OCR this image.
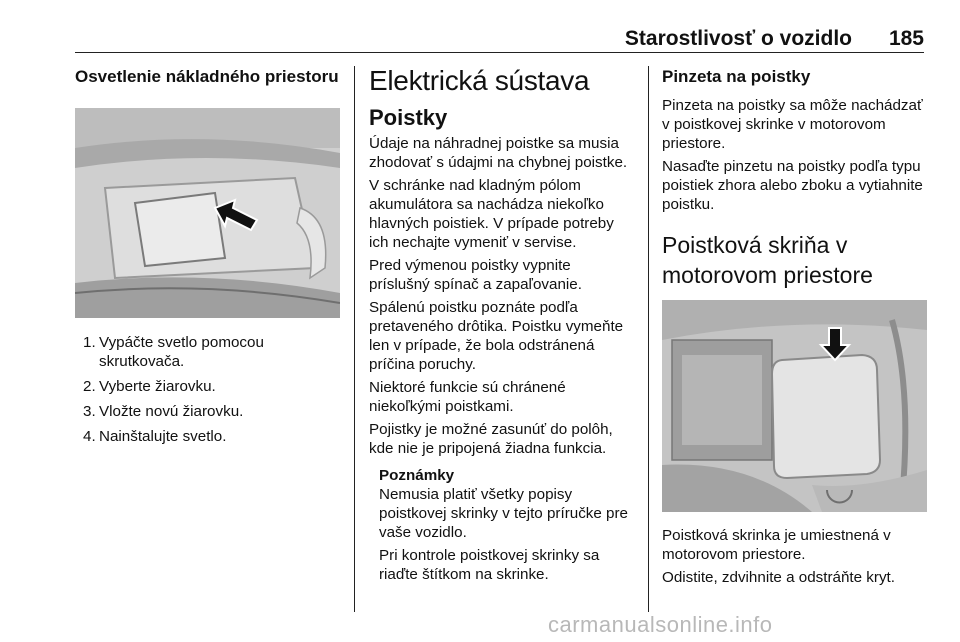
Starostlivosť o vozidlo 185
Osvetlenie nákladného priestoru
1. Vypáčte svetlo pomocou skrutkovača.
2. Vyberte žiarovku.
3. Vložte novú žiarovku.
4. Nainštalujte svetlo.
Elektrická sústava
Poistky

Údaje na náhradnej poistke sa musia zhodovať s údajmi na chybnej poistke.

V schránke nad kladným pólom akumulátora sa nachádza niekoľko hlavných poistiek. V prípade potreby ich nechajte vymeniť v servise.

Pred výmenou poistky vypnite príslušný spínač a zapaľovanie.

Spálenú poistku poznáte podľa pretaveného drôtika. Poistku vymeňte len v prípade, že bola odstránená príčina poruchy.

Niektoré funkcie sú chránené niekoľkými poistkami.

Pojistky je možné zasunúť do polôh, kde nie je pripojená žiadna funkcia.

Poznámky

Nemusia platiť všetky popisy poistkovej skrinky v tejto príručke pre vaše vozidlo.

Pri kontrole poistkovej skrinky sa riaďte štítkom na skrinke.

Pinzeta na poistky

Pinzeta na poistky sa môže nachádzať v poistkovej skrinke v motorovom priestore.

Nasaďte pinzetu na poistky podľa typu poistiek zhora alebo zboku a vytiahnite poistku.

Poistková skriňa v motorovom priestore

Poistková skrinka je umiestnená v motorovom priestore.

Odistite, zdvihnite a odstráňte kryt.

carmanualsonline.info
